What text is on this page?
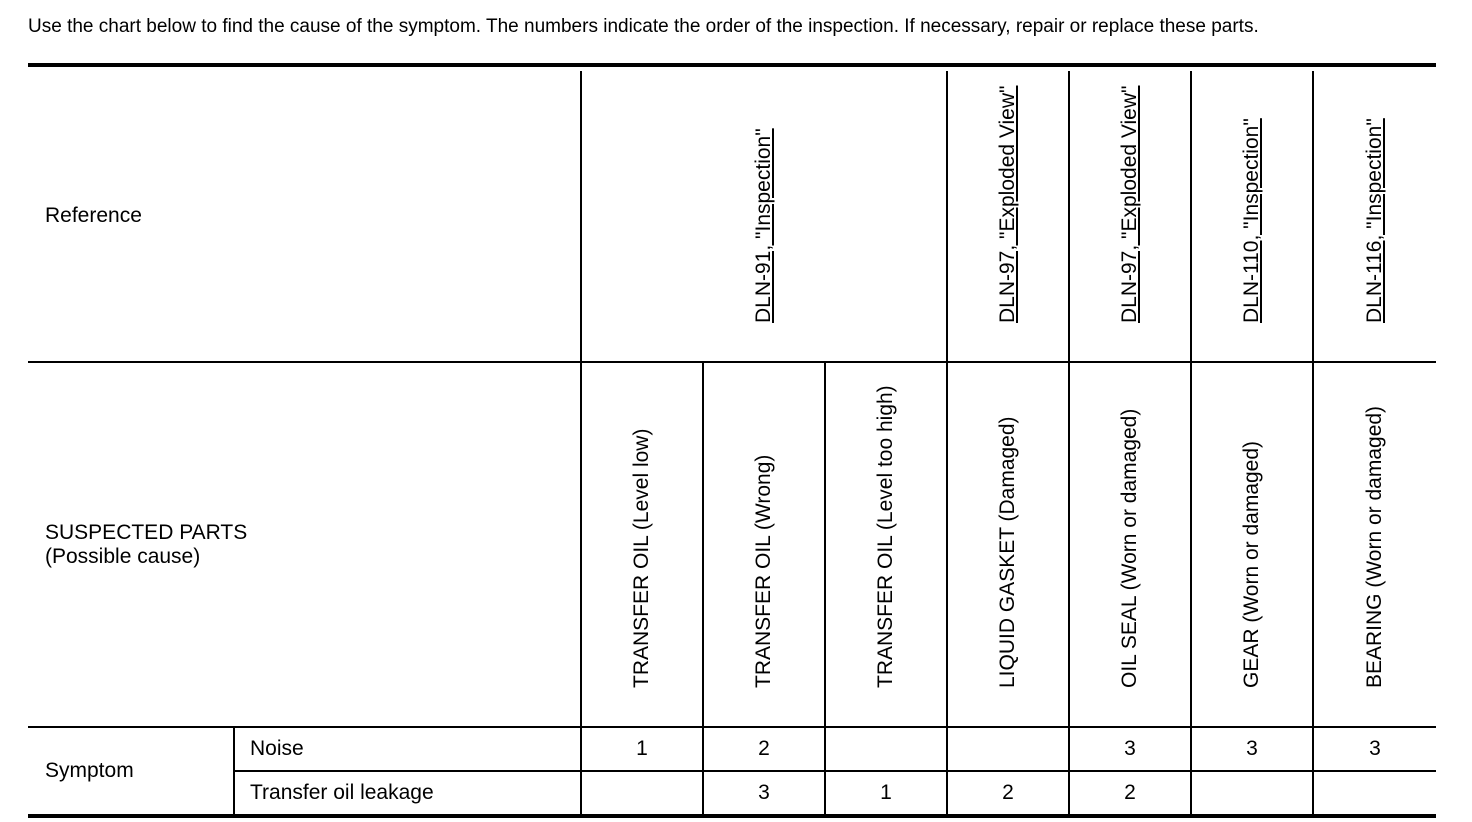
Use the chart below to find the cause of the symptom. The numbers indicate the order of the inspection. If necessary, repair or replace these parts.

Reference		DLN-91, "Inspection"			DLN-97, "Exploded View"	DLN-97, "Exploded View"	DLN-110, "Inspection"	DLN-116, "Inspection"

SUSPECTED PARTS
(Possible cause)		TRANSFER OIL (Level low)	TRANSFER OIL (Wrong)	TRANSFER OIL (Level too high)	LIQUID GASKET (Damaged)	OIL SEAL (Worn or damaged)	GEAR (Worn or damaged)	BEARING (Worn or damaged)

Symptom	Noise	1	2			3	3	3
	Transfer oil leakage		3	1	2	2		
